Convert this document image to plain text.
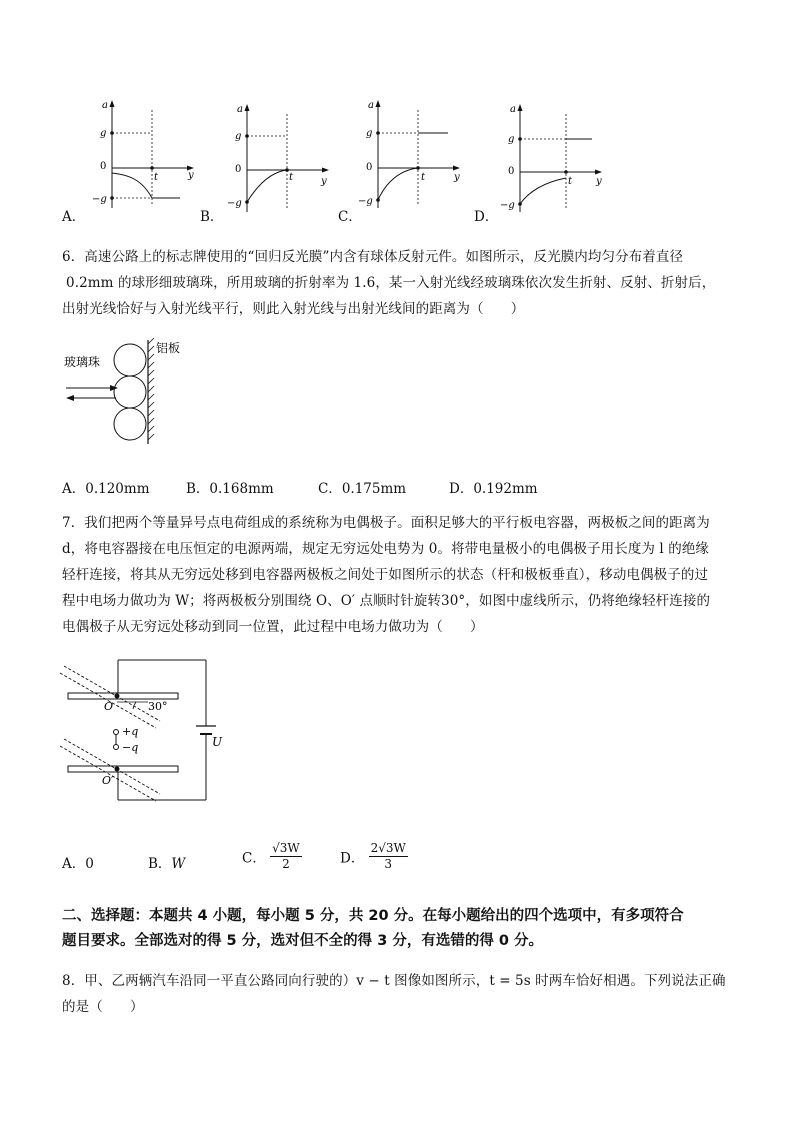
A．
a
g
0
−g
t	y
B．
a
g
0
−g
t	y
C．
a
g
0
−g
t	y
D．
a
g
0
−g
t y
6．高速公路上的标志牌使用的“回归反光膜”内含有球体反射元件。如图所示，反光膜内均匀分布着直径
0.2mm 的球形细玻璃珠，所用玻璃的折射率为 1.6，某一入射光线经玻璃珠依次发生折射、反射、折射后，
出射光线恰好与入射光线平行，则此入射光线与出射光线间的距离为（　　）
玻璃珠
铝板
A．0.120mm	B．0.168mm	C．0.175mm	D．0.192mm
7．我们把两个等量异号点电荷组成的系统称为电偶极子。面积足够大的平行板电容器，两极板之间的距离为
d，将电容器接在电压恒定的电源两端，规定无穷远处电势为 0。将带电量极小的电偶极子用长度为 l 的绝缘
轻杆连接，将其从无穷远处移到电容器两极板之间处于如图所示的状态（杆和极板垂直），移动电偶极子的过
程中电场力做功为 W；将两极板分别围绕 O、O′ 点顺时针旋转30°，如图中虚线所示，仍将绝缘轻杆连接的
电偶极子从无穷远处移动到同一位置，此过程中电场力做功为（　　）
O	30°
+q
−q
O′
U
A．0	B．W	C． $\frac{√3W}{2}$	D． $\frac{2√3W}{3}$
二、选择题：本题共 4 小题，每小题 5 分，共 20 分。在每小题给出的四个选项中，有多项符合
题目要求。全部选对的得 5 分，选对但不全的得 3 分，有选错的得 0 分。
8．甲、乙两辆汽车沿同一平直公路同向行驶的）v − t 图像如图所示，t = 5s 时两车恰好相遇。下列说法正确
的是（　　）
